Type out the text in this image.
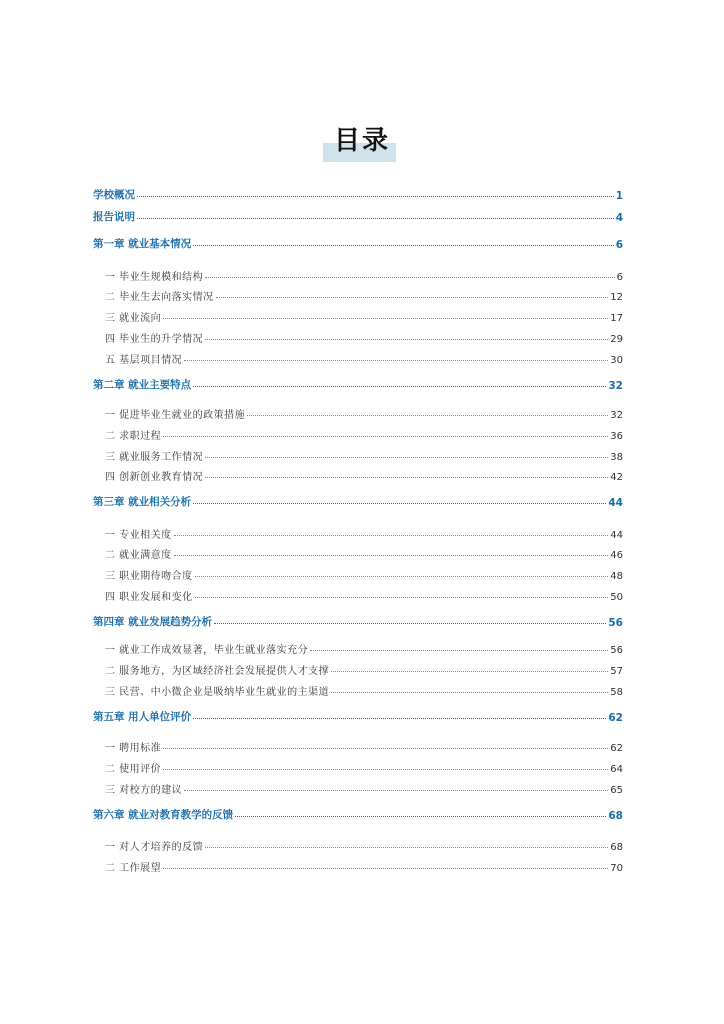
目录
学校概况	1
报告说明	4
第一章 就业基本情况	6
一 毕业生规模和结构	6
二 毕业生去向落实情况	12
三 就业流向	17
四 毕业生的升学情况	29
五 基层项目情况	30
第二章 就业主要特点	32
一 促进毕业生就业的政策措施	32
二 求职过程	36
三 就业服务工作情况	38
四 创新创业教育情况	42
第三章 就业相关分析	44
一 专业相关度	44
二 就业满意度	46
三 职业期待吻合度	48
四 职业发展和变化	50
第四章 就业发展趋势分析	56
一 就业工作成效显著，毕业生就业落实充分	56
二 服务地方，为区域经济社会发展提供人才支撑	57
三 民营、中小微企业是吸纳毕业生就业的主渠道	58
第五章 用人单位评价	62
一 聘用标准	62
二 使用评价	64
三 对校方的建议	65
第六章 就业对教育教学的反馈	68
一 对人才培养的反馈	68
二 工作展望	70
